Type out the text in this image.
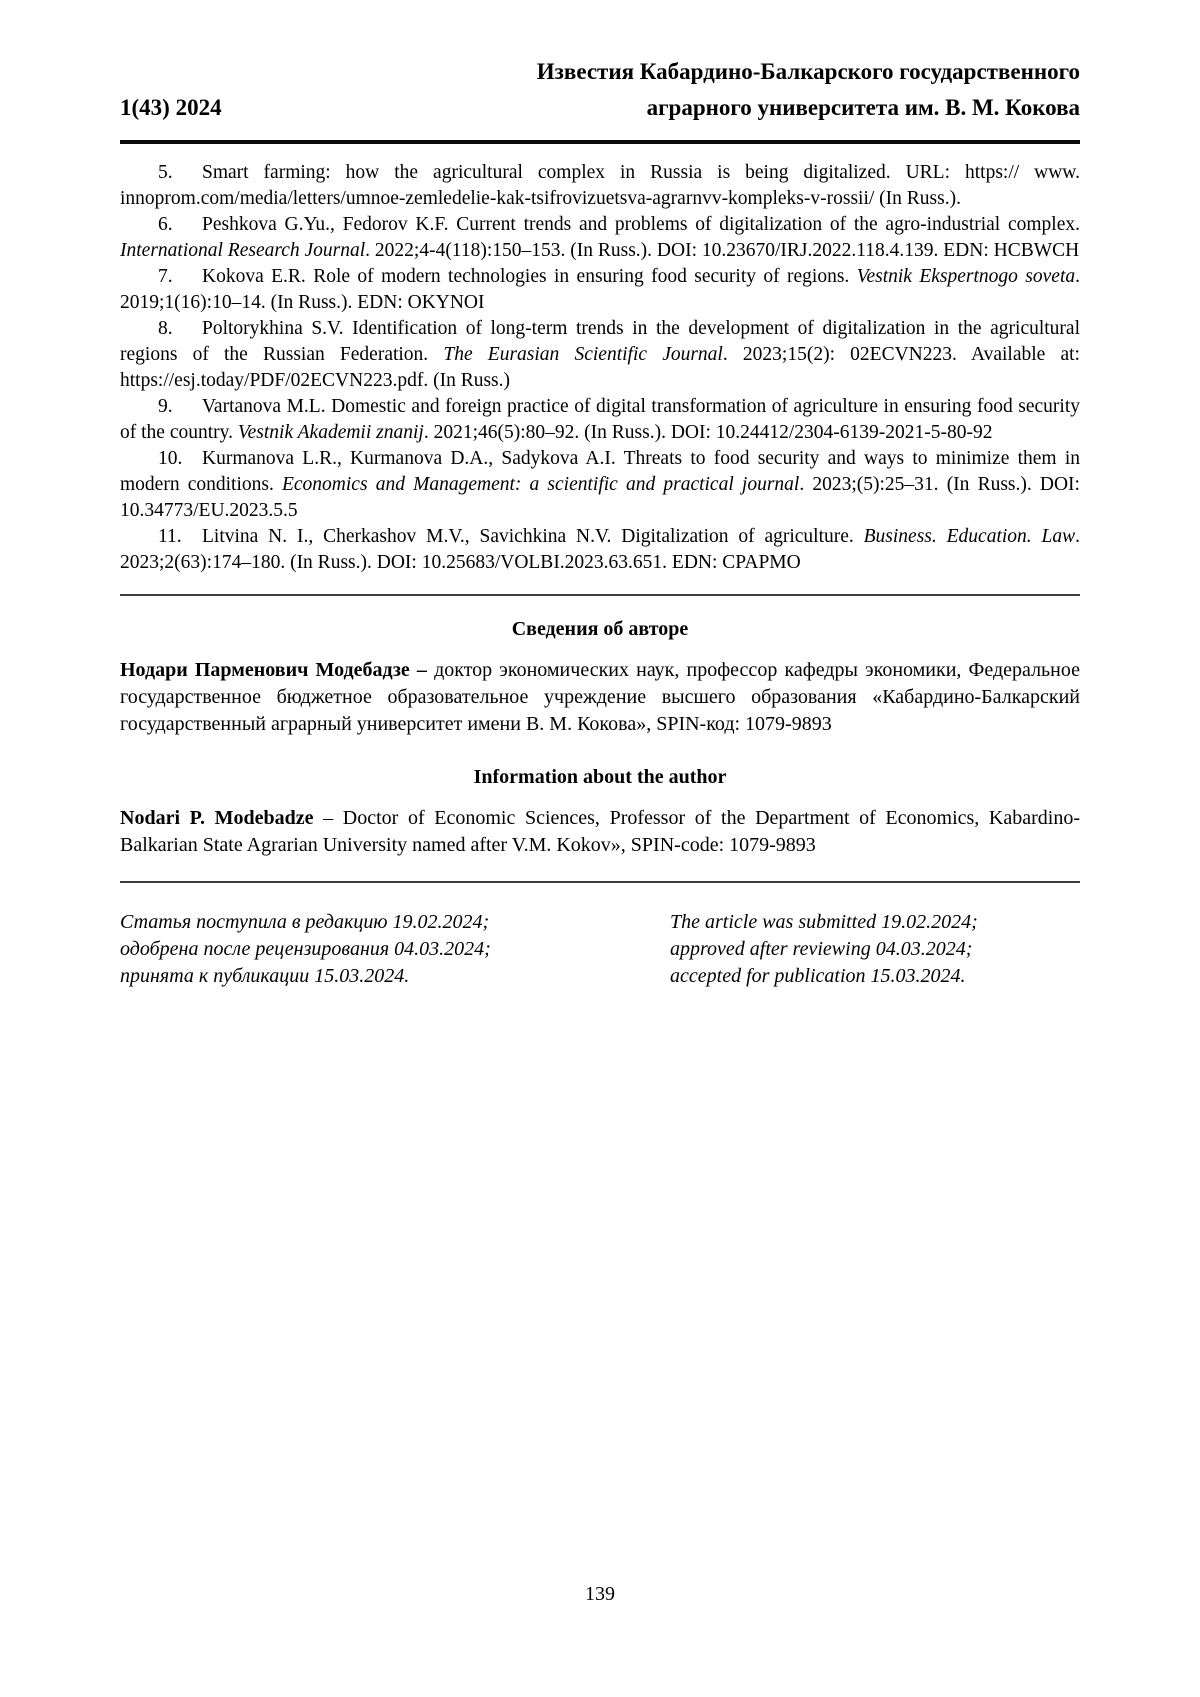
1(43) 2024
Известия Кабардино-Балкарского государственного
аграрного университета им. В. М. Кокова

5. Smart farming: how the agricultural complex in Russia is being digitalized. URL: https:// www. innoprom.com/media/letters/umnoe-zemledelie-kak-tsifrovizuetsva-agrarnvv-kompleks-v-rossii/ (In Russ.).

6. Peshkova G.Yu., Fedorov K.F. Current trends and problems of digitalization of the agro-industrial complex. International Research Journal. 2022;4-4(118):150–153. (In Russ.). DOI: 10.23670/IRJ.2022.118.4.139. EDN: HCBWCH

7. Kokova E.R. Role of modern technologies in ensuring food security of regions. Vestnik Ekspertnogo soveta. 2019;1(16):10–14. (In Russ.). EDN: OKYNOI

8. Poltorykhina S.V. Identification of long-term trends in the development of digitalization in the agricultural regions of the Russian Federation. The Eurasian Scientific Journal. 2023;15(2): 02ECVN223. Available at: https://esj.today/PDF/02ECVN223.pdf. (In Russ.)

9. Vartanova M.L. Domestic and foreign practice of digital transformation of agriculture in ensuring food security of the country. Vestnik Akademii znanij. 2021;46(5):80–92. (In Russ.). DOI: 10.24412/2304-6139-2021-5-80-92

10. Kurmanova L.R., Kurmanova D.A., Sadykova A.I. Threats to food security and ways to minimize them in modern conditions. Economics and Management: a scientific and practical journal. 2023;(5):25–31. (In Russ.). DOI: 10.34773/EU.2023.5.5

11. Litvina N. I., Cherkashov M.V., Savichkina N.V. Digitalization of agriculture. Business. Education. Law. 2023;2(63):174–180. (In Russ.). DOI: 10.25683/VOLBI.2023.63.651. EDN: CPAPMO

Сведения об авторе

Нодари Парменович Модебадзе – доктор экономических наук, профессор кафедры экономики, Федеральное государственное бюджетное образовательное учреждение высшего образования «Кабардино-Балкарский государственный аграрный университет имени В. М. Кокова», SPIN-код: 1079-9893

Information about the author

Nodari P. Modebadze – Doctor of Economic Sciences, Professor of the Department of Economics, Kabardino-Balkarian State Agrarian University named after V.M. Kokov», SPIN-code: 1079-9893

Статья поступила в редакцию 19.02.2024;
одобрена после рецензирования 04.03.2024;
принята к публикации 15.03.2024.
The article was submitted 19.02.2024;
approved after reviewing 04.03.2024;
accepted for publication 15.03.2024.
139
